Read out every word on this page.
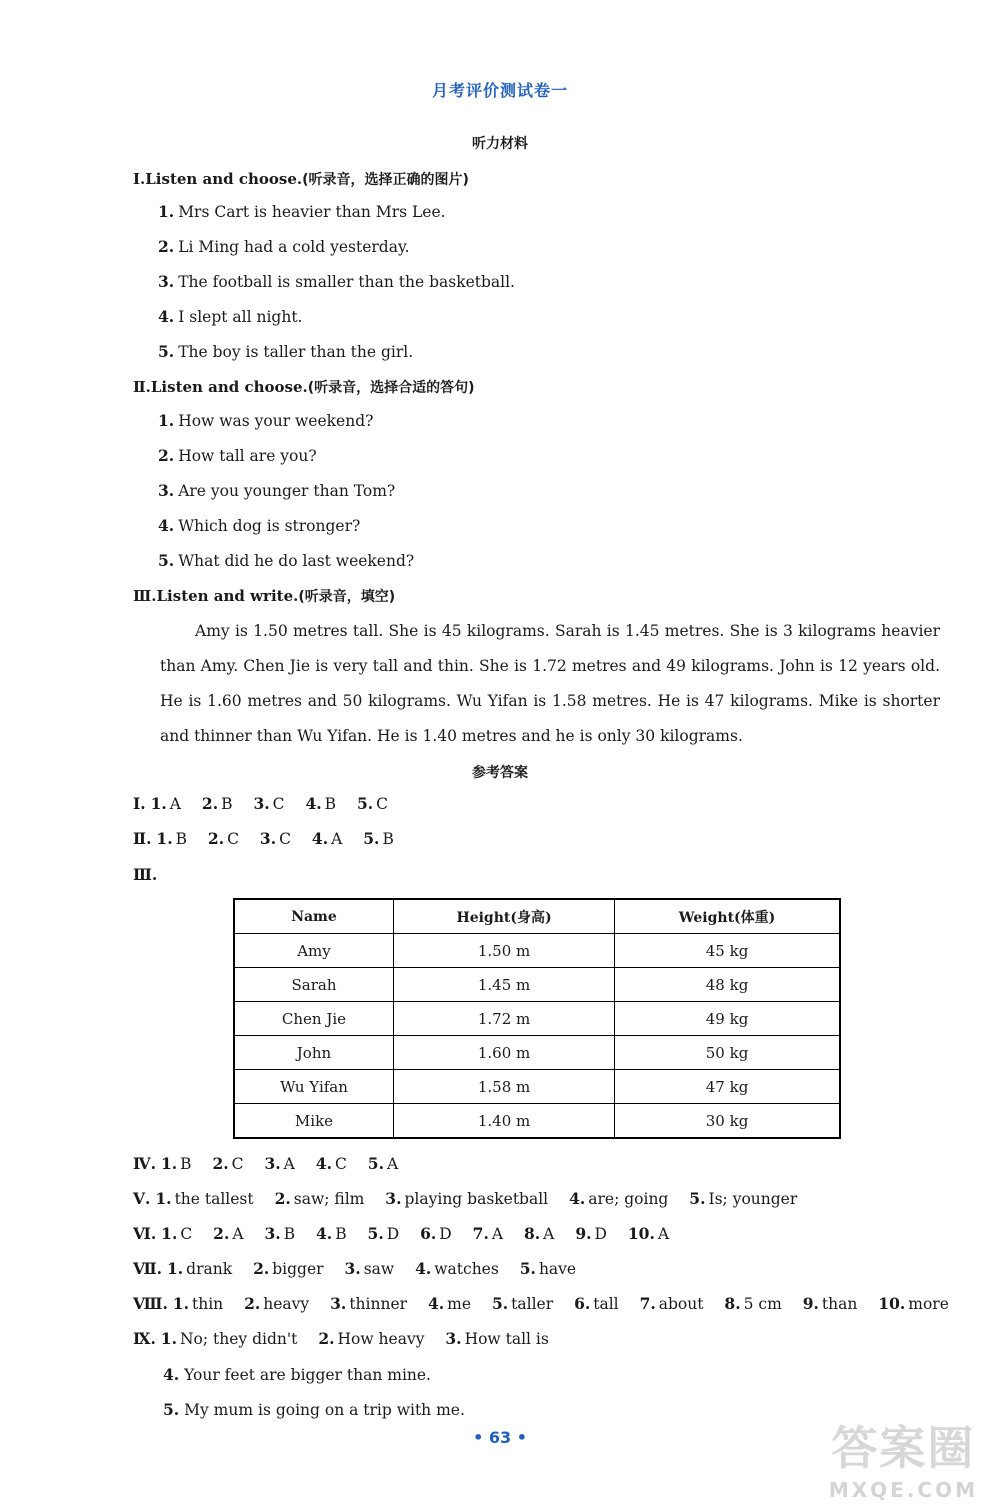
月考评价测试卷一
听力材料
Ⅰ.Listen and choose.(听录音，选择正确的图片)
1. Mrs Cart is heavier than Mrs Lee.
2. Li Ming had a cold yesterday.
3. The football is smaller than the basketball.
4. I slept all night.
5. The boy is taller than the girl.
Ⅱ.Listen and choose.(听录音，选择合适的答句)
1. How was your weekend?
2. How tall are you?
3. Are you younger than Tom?
4. Which dog is stronger?
5. What did he do last weekend?
Ⅲ.Listen and write.(听录音，填空)
Amy is 1.50 metres tall. She is 45 kilograms. Sarah is 1.45 metres. She is 3 kilograms heavier than Amy. Chen Jie is very tall and thin. She is 1.72 metres and 49 kilograms. John is 12 years old. He is 1.60 metres and 50 kilograms. Wu Yifan is 1.58 metres. He is 47 kilograms. Mike is shorter and thinner than Wu Yifan. He is 1.40 metres and he is only 30 kilograms.
参考答案
Ⅰ. 1. A 2. B 3. C 4. B 5. C
Ⅱ. 1. B 2. C 3. C 4. A 5. B
Ⅲ.
Name	Height(身高)	Weight(体重)
Amy	1.50 m	45 kg
Sarah	1.45 m	48 kg
Chen Jie	1.72 m	49 kg
John	1.60 m	50 kg
Wu Yifan	1.58 m	47 kg
Mike	1.40 m	30 kg
Ⅳ. 1. B 2. C 3. A 4. C 5. A
Ⅴ. 1. the tallest 2. saw; film 3. playing basketball 4. are; going 5. Is; younger
Ⅵ. 1. C 2. A 3. B 4. B 5. D 6. D 7. A 8. A 9. D 10. A
Ⅶ. 1. drank 2. bigger 3. saw 4. watches 5. have
Ⅷ. 1. thin 2. heavy 3. thinner 4. me 5. taller 6. tall 7. about 8. 5 cm 9. than 10. more
Ⅸ. 1. No; they didn't 2. How heavy 3. How tall is
4. Your feet are bigger than mine.
5. My mum is going on a trip with me.
• 63 •	答案圈
MXQE.COM
